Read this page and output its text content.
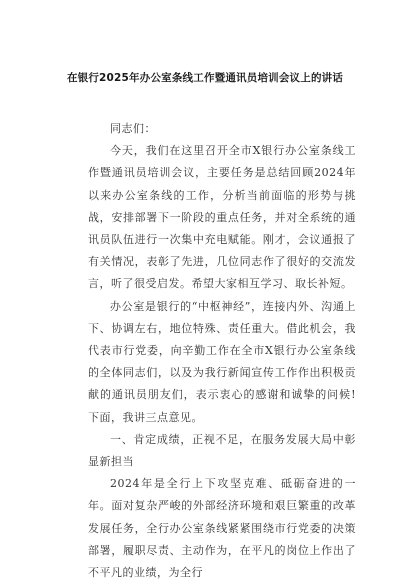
在银行2025年办公室条线工作暨通讯员培训会议上的讲话

同志们：

今天，我们在这里召开全市X银行办公室条线工作暨通讯员培训会议，主要任务是总结回顾2024年以来办公室条线的工作，分析当前面临的形势与挑战，安排部署下一阶段的重点任务，并对全系统的通讯员队伍进行一次集中充电赋能。刚才，会议通报了有关情况，表彰了先进，几位同志作了很好的交流发言，听了很受启发。希望大家相互学习、取长补短。

办公室是银行的“中枢神经”，连接内外、沟通上下、协调左右，地位特殊、责任重大。借此机会，我代表市行党委，向辛勤工作在全市X银行办公室条线的全体同志们，以及为我行新闻宣传工作作出积极贡献的通讯员朋友们，表示衷心的感谢和诚挚的问候!下面，我讲三点意见。

一、肯定成绩，正视不足，在服务发展大局中彰显新担当

2024年是全行上下攻坚克难、砥砺奋进的一年。面对复杂严峻的外部经济环境和艰巨繁重的改革发展任务，全行办公室条线紧紧围绕市行党委的决策部署，履职尽责、主动作为，在平凡的岗位上作出了不平凡的业绩，为全行
